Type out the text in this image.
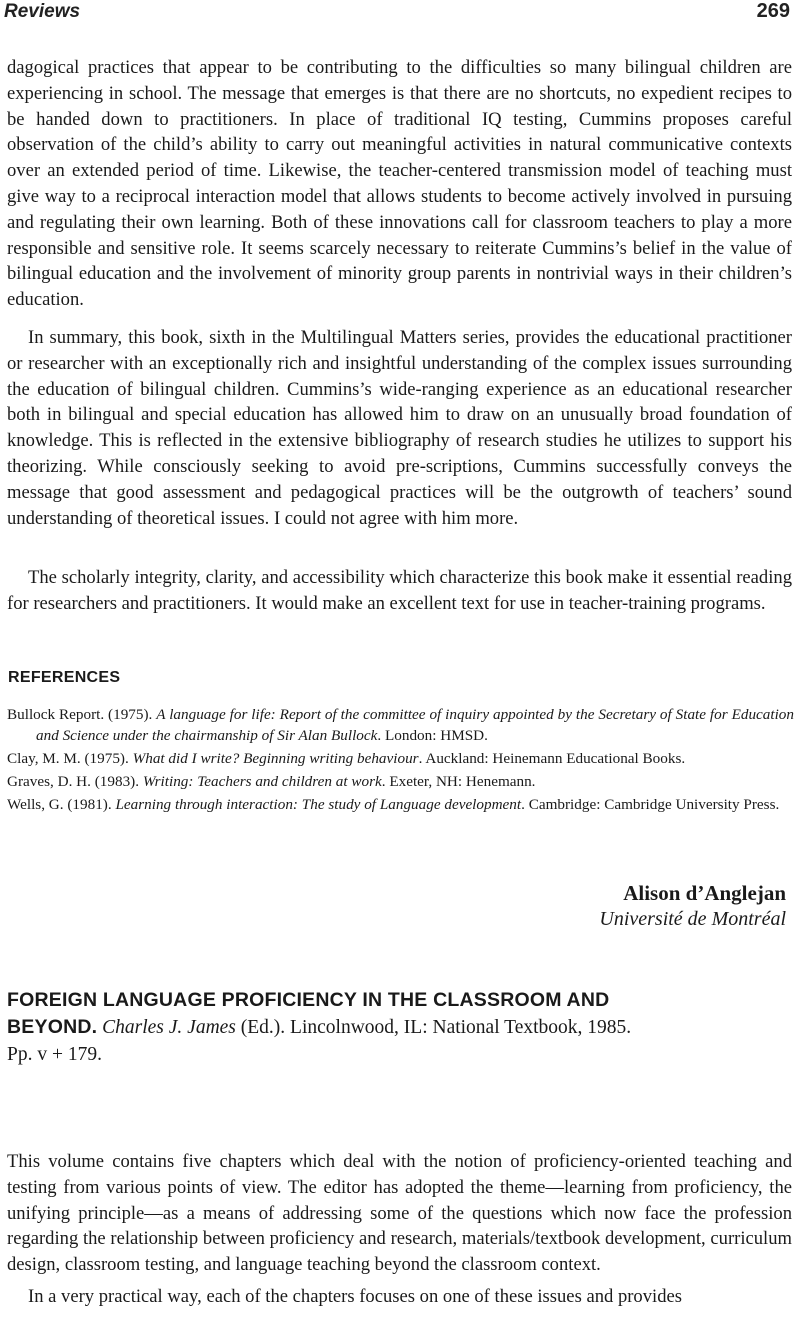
Reviews	269

dagogical practices that appear to be contributing to the difficulties so many bilingual children are experiencing in school. The message that emerges is that there are no shortcuts, no expedient recipes to be handed down to practitioners. In place of traditional IQ testing, Cummins proposes careful observation of the child’s ability to carry out meaningful activities in natural communicative contexts over an extended period of time. Likewise, the teacher-centered transmission model of teaching must give way to a reciprocal interaction model that allows students to become actively involved in pursuing and regulating their own learning. Both of these innovations call for classroom teachers to play a more responsible and sensitive role. It seems scarcely necessary to reiterate Cummins’s belief in the value of bilingual education and the involvement of minority group parents in nontrivial ways in their children’s education.

In summary, this book, sixth in the Multilingual Matters series, provides the educational practitioner or researcher with an exceptionally rich and insightful understanding of the complex issues surrounding the education of bilingual children. Cummins’s wide-ranging experience as an educational researcher both in bilingual and special education has allowed him to draw on an unusually broad foundation of knowledge. This is reflected in the extensive bibliography of research studies he utilizes to support his theorizing. While consciously seeking to avoid pre-scriptions, Cummins successfully conveys the message that good assessment and pedagogical practices will be the outgrowth of teachers’ sound understanding of theoretical issues. I could not agree with him more.

The scholarly integrity, clarity, and accessibility which characterize this book make it essential reading for researchers and practitioners. It would make an excellent text for use in teacher-training programs.

REFERENCES

Bullock Report. (1975). A language for life: Report of the committee of inquiry appointed by the Secretary of State for Education and Science under the chairmanship of Sir Alan Bullock. London: HMSD.

Clay, M. M. (1975). What did I write? Beginning writing behaviour. Auckland: Heinemann Educational Books.

Graves, D. H. (1983). Writing: Teachers and children at work. Exeter, NH: Henemann.

Wells, G. (1981). Learning through interaction: The study of Language development. Cambridge: Cambridge University Press.

Alison d’Anglejan
Université de Montréal
FOREIGN LANGUAGE PROFICIENCY IN THE CLASSROOM AND
BEYOND. Charles J. James (Ed.). Lincolnwood, IL: National Textbook, 1985.
Pp. v + 179.

This volume contains five chapters which deal with the notion of proficiency-oriented teaching and testing from various points of view. The editor has adopted the theme—learning from proficiency, the unifying principle—as a means of addressing some of the questions which now face the profession regarding the relationship between proficiency and research, materials/textbook development, curriculum design, classroom testing, and language teaching beyond the classroom context.

In a very practical way, each of the chapters focuses on one of these issues and provides
